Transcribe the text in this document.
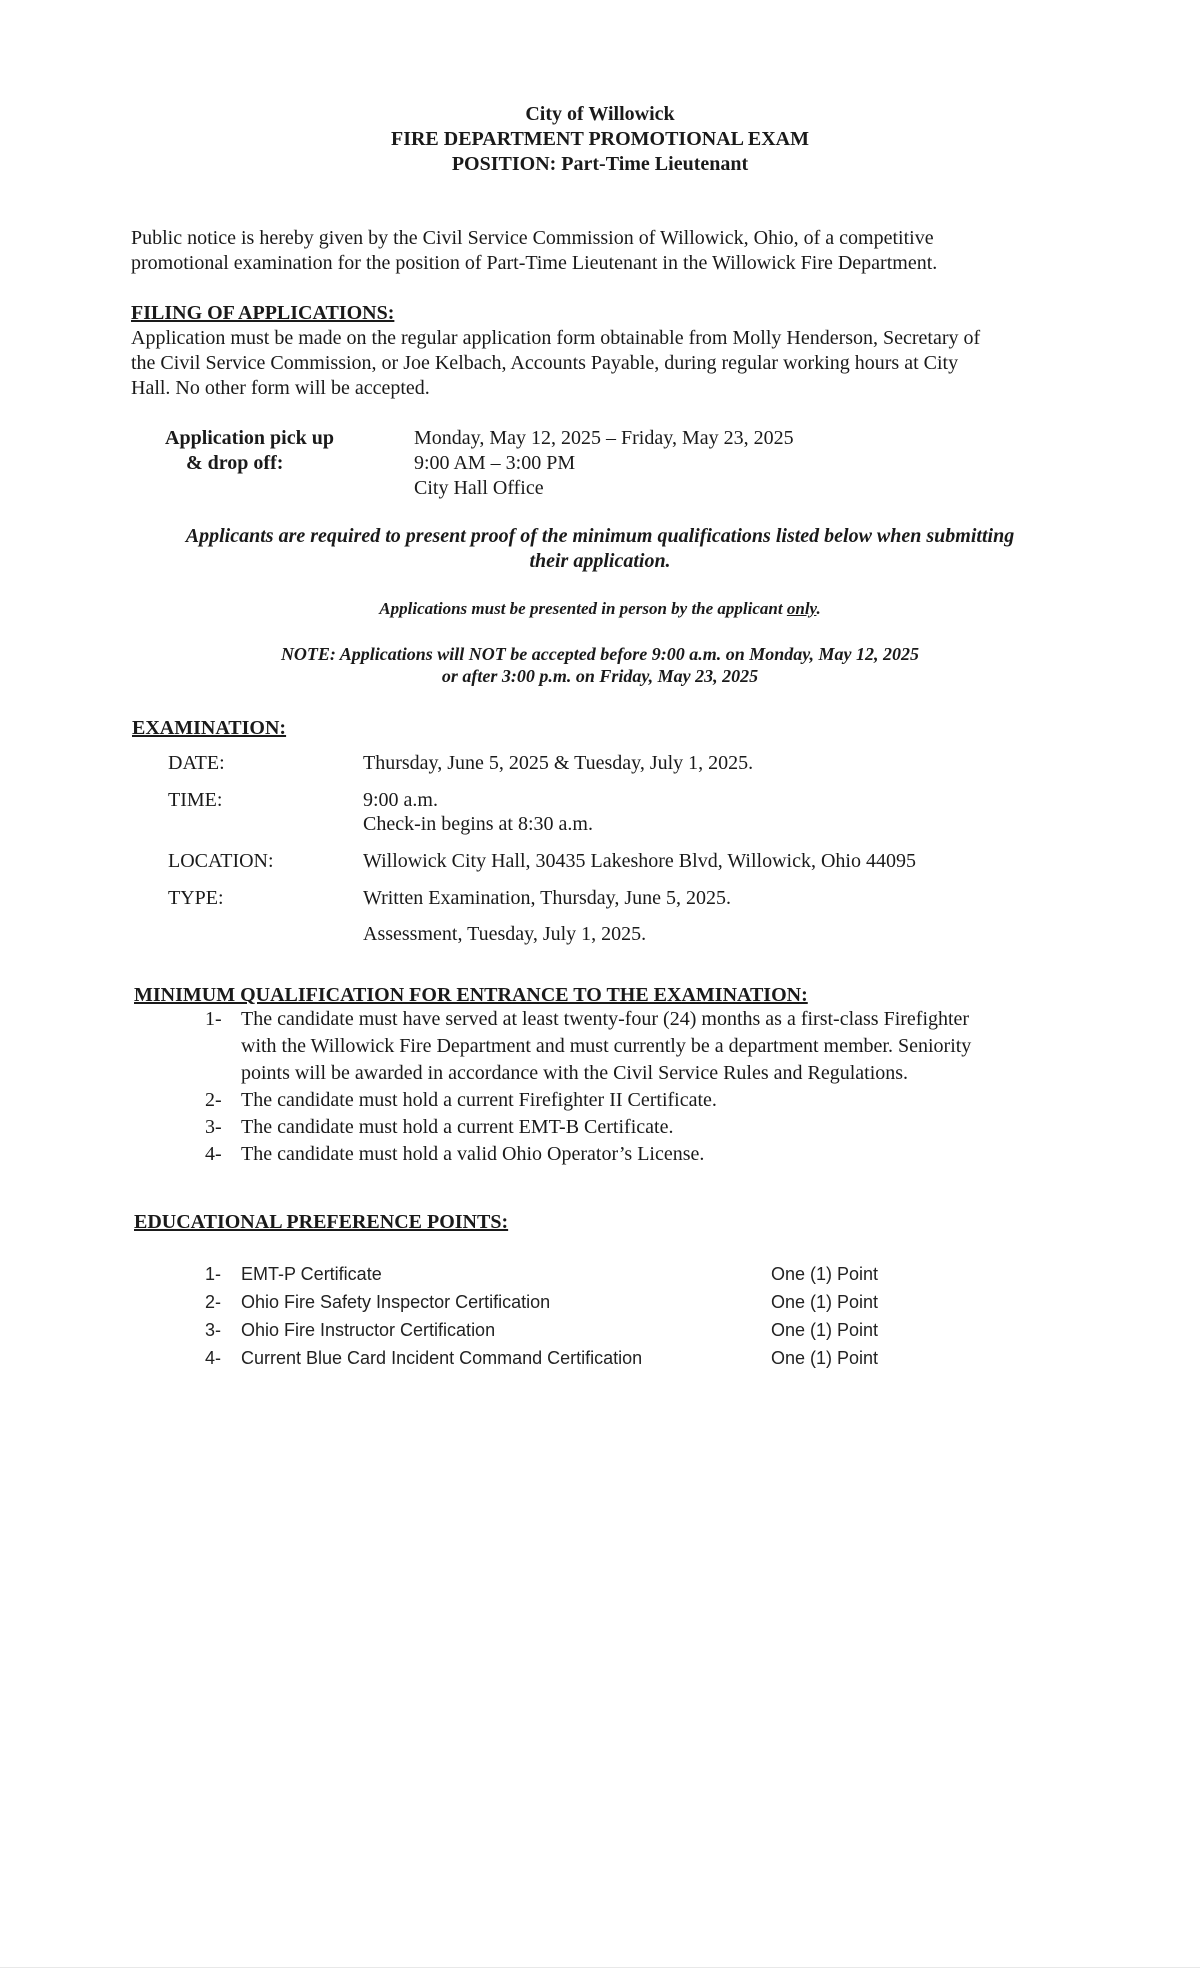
City of Willowick
FIRE DEPARTMENT PROMOTIONAL EXAM
POSITION: Part-Time Lieutenant
Public notice is hereby given by the Civil Service Commission of Willowick, Ohio, of a competitive
promotional examination for the position of Part-Time Lieutenant in the Willowick Fire Department.
FILING OF APPLICATIONS:
Application must be made on the regular application form obtainable from Molly Henderson, Secretary of
the Civil Service Commission, or Joe Kelbach, Accounts Payable, during regular working hours at City
Hall. No other form will be accepted.
Application pick up
& drop off:
Monday, May 12, 2025 – Friday, May 23, 2025
9:00 AM – 3:00 PM
City Hall Office
Applicants are required to present proof of the minimum qualifications listed below when submitting
their application.
Applications must be presented in person by the applicant only.
NOTE: Applications will NOT be accepted before 9:00 a.m. on Monday, May 12, 2025
or after 3:00 p.m. on Friday, May 23, 2025
EXAMINATION:
DATE:	Thursday, June 5, 2025 & Tuesday, July 1, 2025.
TIME:	9:00 a.m.
Check-in begins at 8:30 a.m.
LOCATION:	Willowick City Hall, 30435 Lakeshore Blvd, Willowick, Ohio 44095
TYPE:	Written Examination, Thursday, June 5, 2025.
Assessment, Tuesday, July 1, 2025.
MINIMUM QUALIFICATION FOR ENTRANCE TO THE EXAMINATION:
1- The candidate must have served at least twenty-four (24) months as a first-class Firefighter
with the Willowick Fire Department and must currently be a department member. Seniority
points will be awarded in accordance with the Civil Service Rules and Regulations.
2- The candidate must hold a current Firefighter II Certificate.
3- The candidate must hold a current EMT-B Certificate.
4- The candidate must hold a valid Ohio Operator’s License.
EDUCATIONAL PREFERENCE POINTS:
1- EMT-P Certificate	One (1) Point
2- Ohio Fire Safety Inspector Certification	One (1) Point
3- Ohio Fire Instructor Certification	One (1) Point
4- Current Blue Card Incident Command Certification	One (1) Point
